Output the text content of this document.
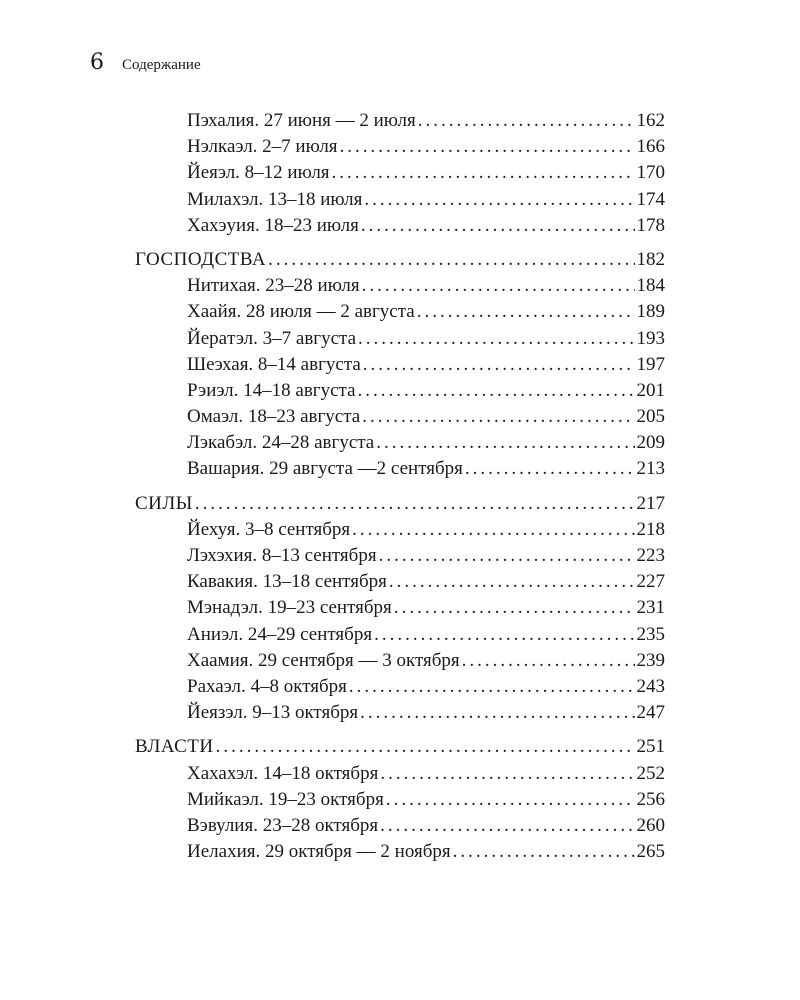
6 Содержание
Пэхалия. 27 июня — 2 июля .....	162
Нэлкаэл. 2–7 июля .....	166
Йеяэл. 8–12 июля .....	170
Милахэл. 13–18 июля .....	174
Хахэуия. 18–23 июля .....	178
ГОСПОДСТВА .....	182
Нитихая. 23–28 июля .....	184
Хаайя. 28 июля — 2 августа .....	189
Йерaтэл. 3–7 августа .....	193
Шеэхая. 8–14 августа .....	197
Рэиэл. 14–18 августа .....	201
Омаэл. 18–23 августа .....	205
Лэкабэл. 24–28 августа .....	209
Вашария. 29 августа —2 сентября .....	213
СИЛЫ .....	217
Йехуя. 3–8 сентября .....	218
Лэхэхия. 8–13 сентября .....	223
Кавакия. 13–18 сентября .....	227
Мэнадэл. 19–23 сентября .....	231
Аниэл. 24–29 сентября .....	235
Хаамия. 29 сентября — 3 октября .....	239
Рахаэл. 4–8 октября .....	243
Йеязэл. 9–13 октября .....	247
ВЛАСТИ .....	251
Хахахэл. 14–18 октября .....	252
Мийкаэл. 19–23 октября .....	256
Вэвулия. 23–28 октября .....	260
Иелахия. 29 октября — 2 ноября .....	265
